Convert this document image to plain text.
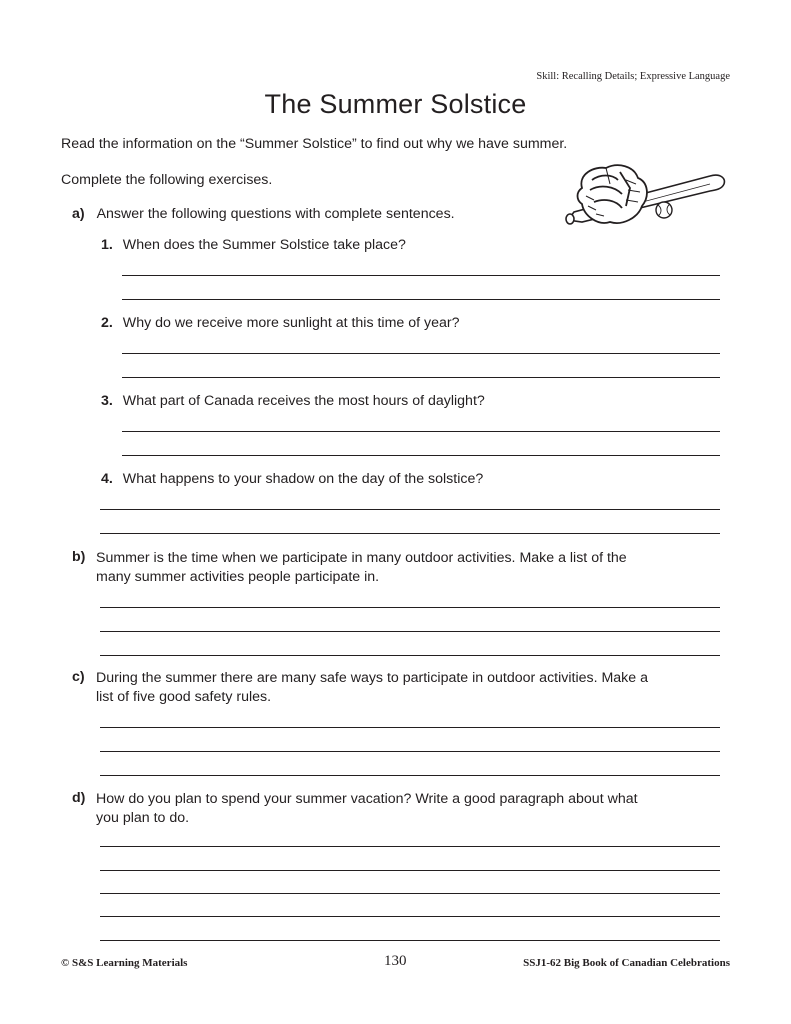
Skill: Recalling Details; Expressive Language
The Summer Solstice
Read the information on the “Summer Solstice” to find out why we have summer.
Complete the following exercises.
a) Answer the following questions with complete sentences.
1. When does the Summer Solstice take place?
2. Why do we receive more sunlight at this time of year?
3. What part of Canada receives the most hours of daylight?
4. What happens to your shadow on the day of the solstice?
b) Summer is the time when we participate in many outdoor activities. Make a list of the
many summer activities people participate in.
c) During the summer there are many safe ways to participate in outdoor activities. Make a
list of five good safety rules.
d) How do you plan to spend your summer vacation? Write a good paragraph about what
you plan to do.
© S&S Learning Materials	130	SSJ1-62 Big Book of Canadian Celebrations
